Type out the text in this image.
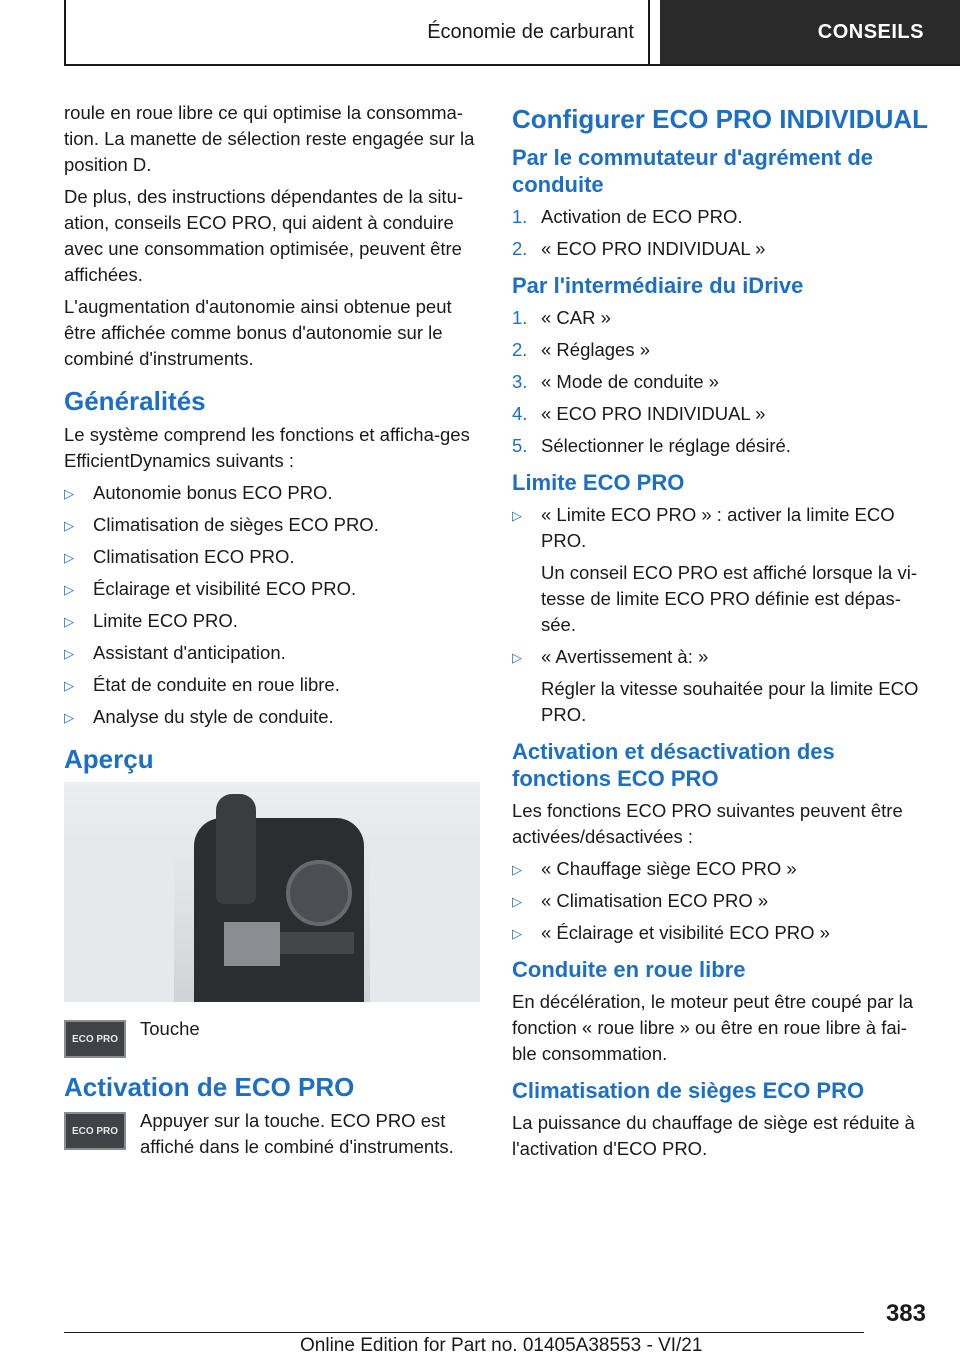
Économie de carburant	CONSEILS

roule en roue libre ce qui optimise la consomma‐tion. La manette de sélection reste engagée sur la position D.

De plus, des instructions dépendantes de la situ‐ation, conseils ECO PRO, qui aident à conduire avec une consommation optimisée, peuvent être affichées.

L'augmentation d'autonomie ainsi obtenue peut être affichée comme bonus d'autonomie sur le combiné d'instruments.

Généralités

Le système comprend les fonctions et afficha‐ges EfficientDynamics suivants :

▷ Autonomie bonus ECO PRO.
▷ Climatisation de sièges ECO PRO.
▷ Climatisation ECO PRO.
▷ Éclairage et visibilité ECO PRO.
▷ Limite ECO PRO.
▷ Assistant d'anticipation.
▷ État de conduite en roue libre.
▷ Analyse du style de conduite.
Aperçu
ECO PRO	Touche

Activation de ECO PRO
ECO PRO	Appuyer sur la touche. ECO PRO est affiché dans le combiné d'instruments.

Configurer ECO PRO INDIVIDUAL
Par le commutateur d'agrément de conduite
1. Activation de ECO PRO.
2. « ECO PRO INDIVIDUAL »
Par l'intermédiaire du iDrive
1. « CAR »
2. « Réglages »
3. « Mode de conduite »
4. « ECO PRO INDIVIDUAL »
5. Sélectionner le réglage désiré.
Limite ECO PRO
▷ « Limite ECO PRO » : activer la limite ECO PRO.
Un conseil ECO PRO est affiché lorsque la vi‐tesse de limite ECO PRO définie est dépas‐sée.
▷ « Avertissement à: »
Régler la vitesse souhaitée pour la limite ECO PRO.
Activation et désactivation des fonctions ECO PRO

Les fonctions ECO PRO suivantes peuvent être activées/désactivées :

▷ « Chauffage siège ECO PRO »
▷ « Climatisation ECO PRO »
▷ « Éclairage et visibilité ECO PRO »
Conduite en roue libre

En décélération, le moteur peut être coupé par la fonction « roue libre » ou être en roue libre à fai‐ble consommation.

Climatisation de sièges ECO PRO

La puissance du chauffage de siège est réduite à l'activation d'ECO PRO.

383
Online Edition for Part no. 01405A38553 - VI/21
